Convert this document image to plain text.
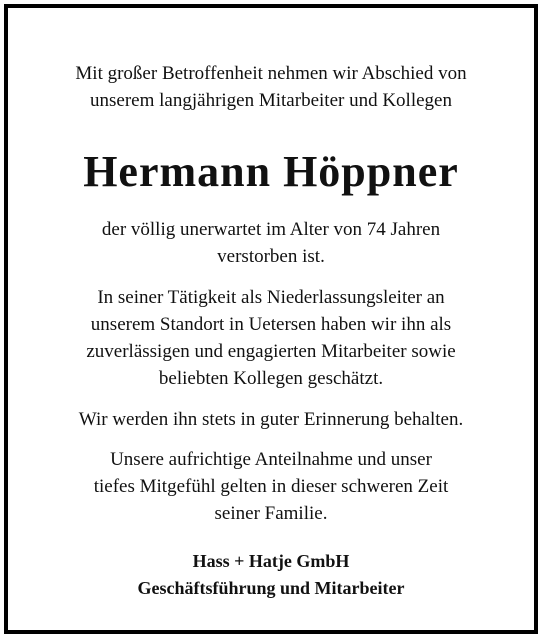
Mit großer Betroffenheit nehmen wir Abschied von
unserem langjährigen Mitarbeiter und Kollegen
Hermann Höppner
der völlig unerwartet im Alter von 74 Jahren
verstorben ist.
In seiner Tätigkeit als Niederlassungsleiter an
unserem Standort in Uetersen haben wir ihn als
zuverlässigen und engagierten Mitarbeiter sowie
beliebten Kollegen geschätzt.
Wir werden ihn stets in guter Erinnerung behalten.
Unsere aufrichtige Anteilnahme und unser
tiefes Mitgefühl gelten in dieser schweren Zeit
seiner Familie.
Hass + Hatje GmbH
Geschäftsführung und Mitarbeiter
